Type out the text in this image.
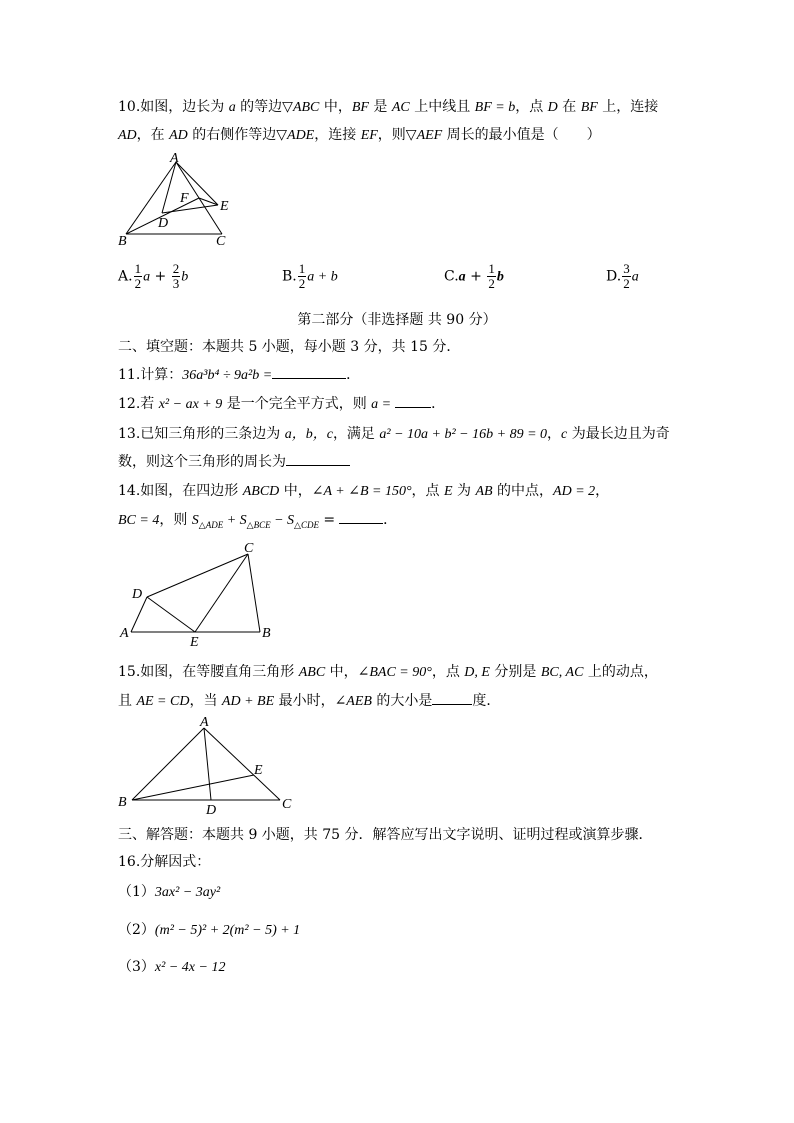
10.如图，边长为 a 的等边▽ABC 中，BF 是 AC 上中线且 BF = b，点 D 在 BF 上，连接
AD，在 AD 的右侧作等边▽ADE，连接 EF，则▽AEF 周长的最小值是（　　）
A
B	C
D
E
F
A. $\frac{1}{2}$ $a + \frac{2}{3}$ b	B. $\frac{1}{2}$ a + b	$C.a + \frac{1}{2}$ b	D. $\frac{3}{2}$ a
第二部分（非选择题 共 90 分）
二、填空题：本题共 5 小题，每小题 3 分，共 15 分．
11.计算：36a³b⁴ ÷ 9a²b =	．
12.若 x² − ax + 9 是一个完全平方式，则 a =	．
13.已知三角形的三条边为 a，b，c，满足 a² − 10a + b² − 16b + 89 = 0，c 为最长边且为奇
数，则这个三角形的周长为
14.如图，在四边形 ABCD 中，∠A + ∠B = 150°，点 E 为 AB 的中点，AD = 2，
BC = 4，则 $S_{\triangle ADE} + S_{\triangle BCE} - S_{\triangle CDE}$ =	．
A	B
C
D
E
15.如图，在等腰直角三角形 ABC 中，∠BAC = 90°，点 D, E 分别是 BC, AC 上的动点，
且 AE = CD，当 AD + BE 最小时，∠AEB 的大小是	度．
A
B	C
D
E
三、解答题：本题共 9 小题，共 75 分．解答应写出文字说明、证明过程或演算步骤．
16.分解因式：
（1）3ax² − 3ay²
（2）(m² − 5)² + 2(m² − 5) + 1
（3）x² − 4x − 12
